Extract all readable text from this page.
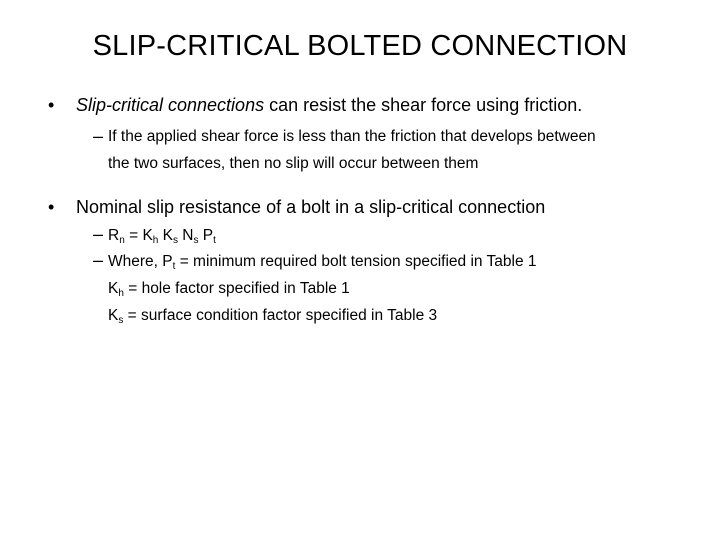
SLIP-CRITICAL BOLTED CONNECTION
• Slip-critical connections can resist the shear force using friction.
– If the applied shear force is less than the friction that develops between
the two surfaces, then no slip will occur between them
• Nominal slip resistance of a bolt in a slip-critical connection
– $R_n = K_h$ $K_s$ $N_s$ $P_t$
– Where, $P_t$ = minimum required bolt tension specified in Table 1
$K_h$ = hole factor specified in Table 1
$K_s$ = surface condition factor specified in Table 3
